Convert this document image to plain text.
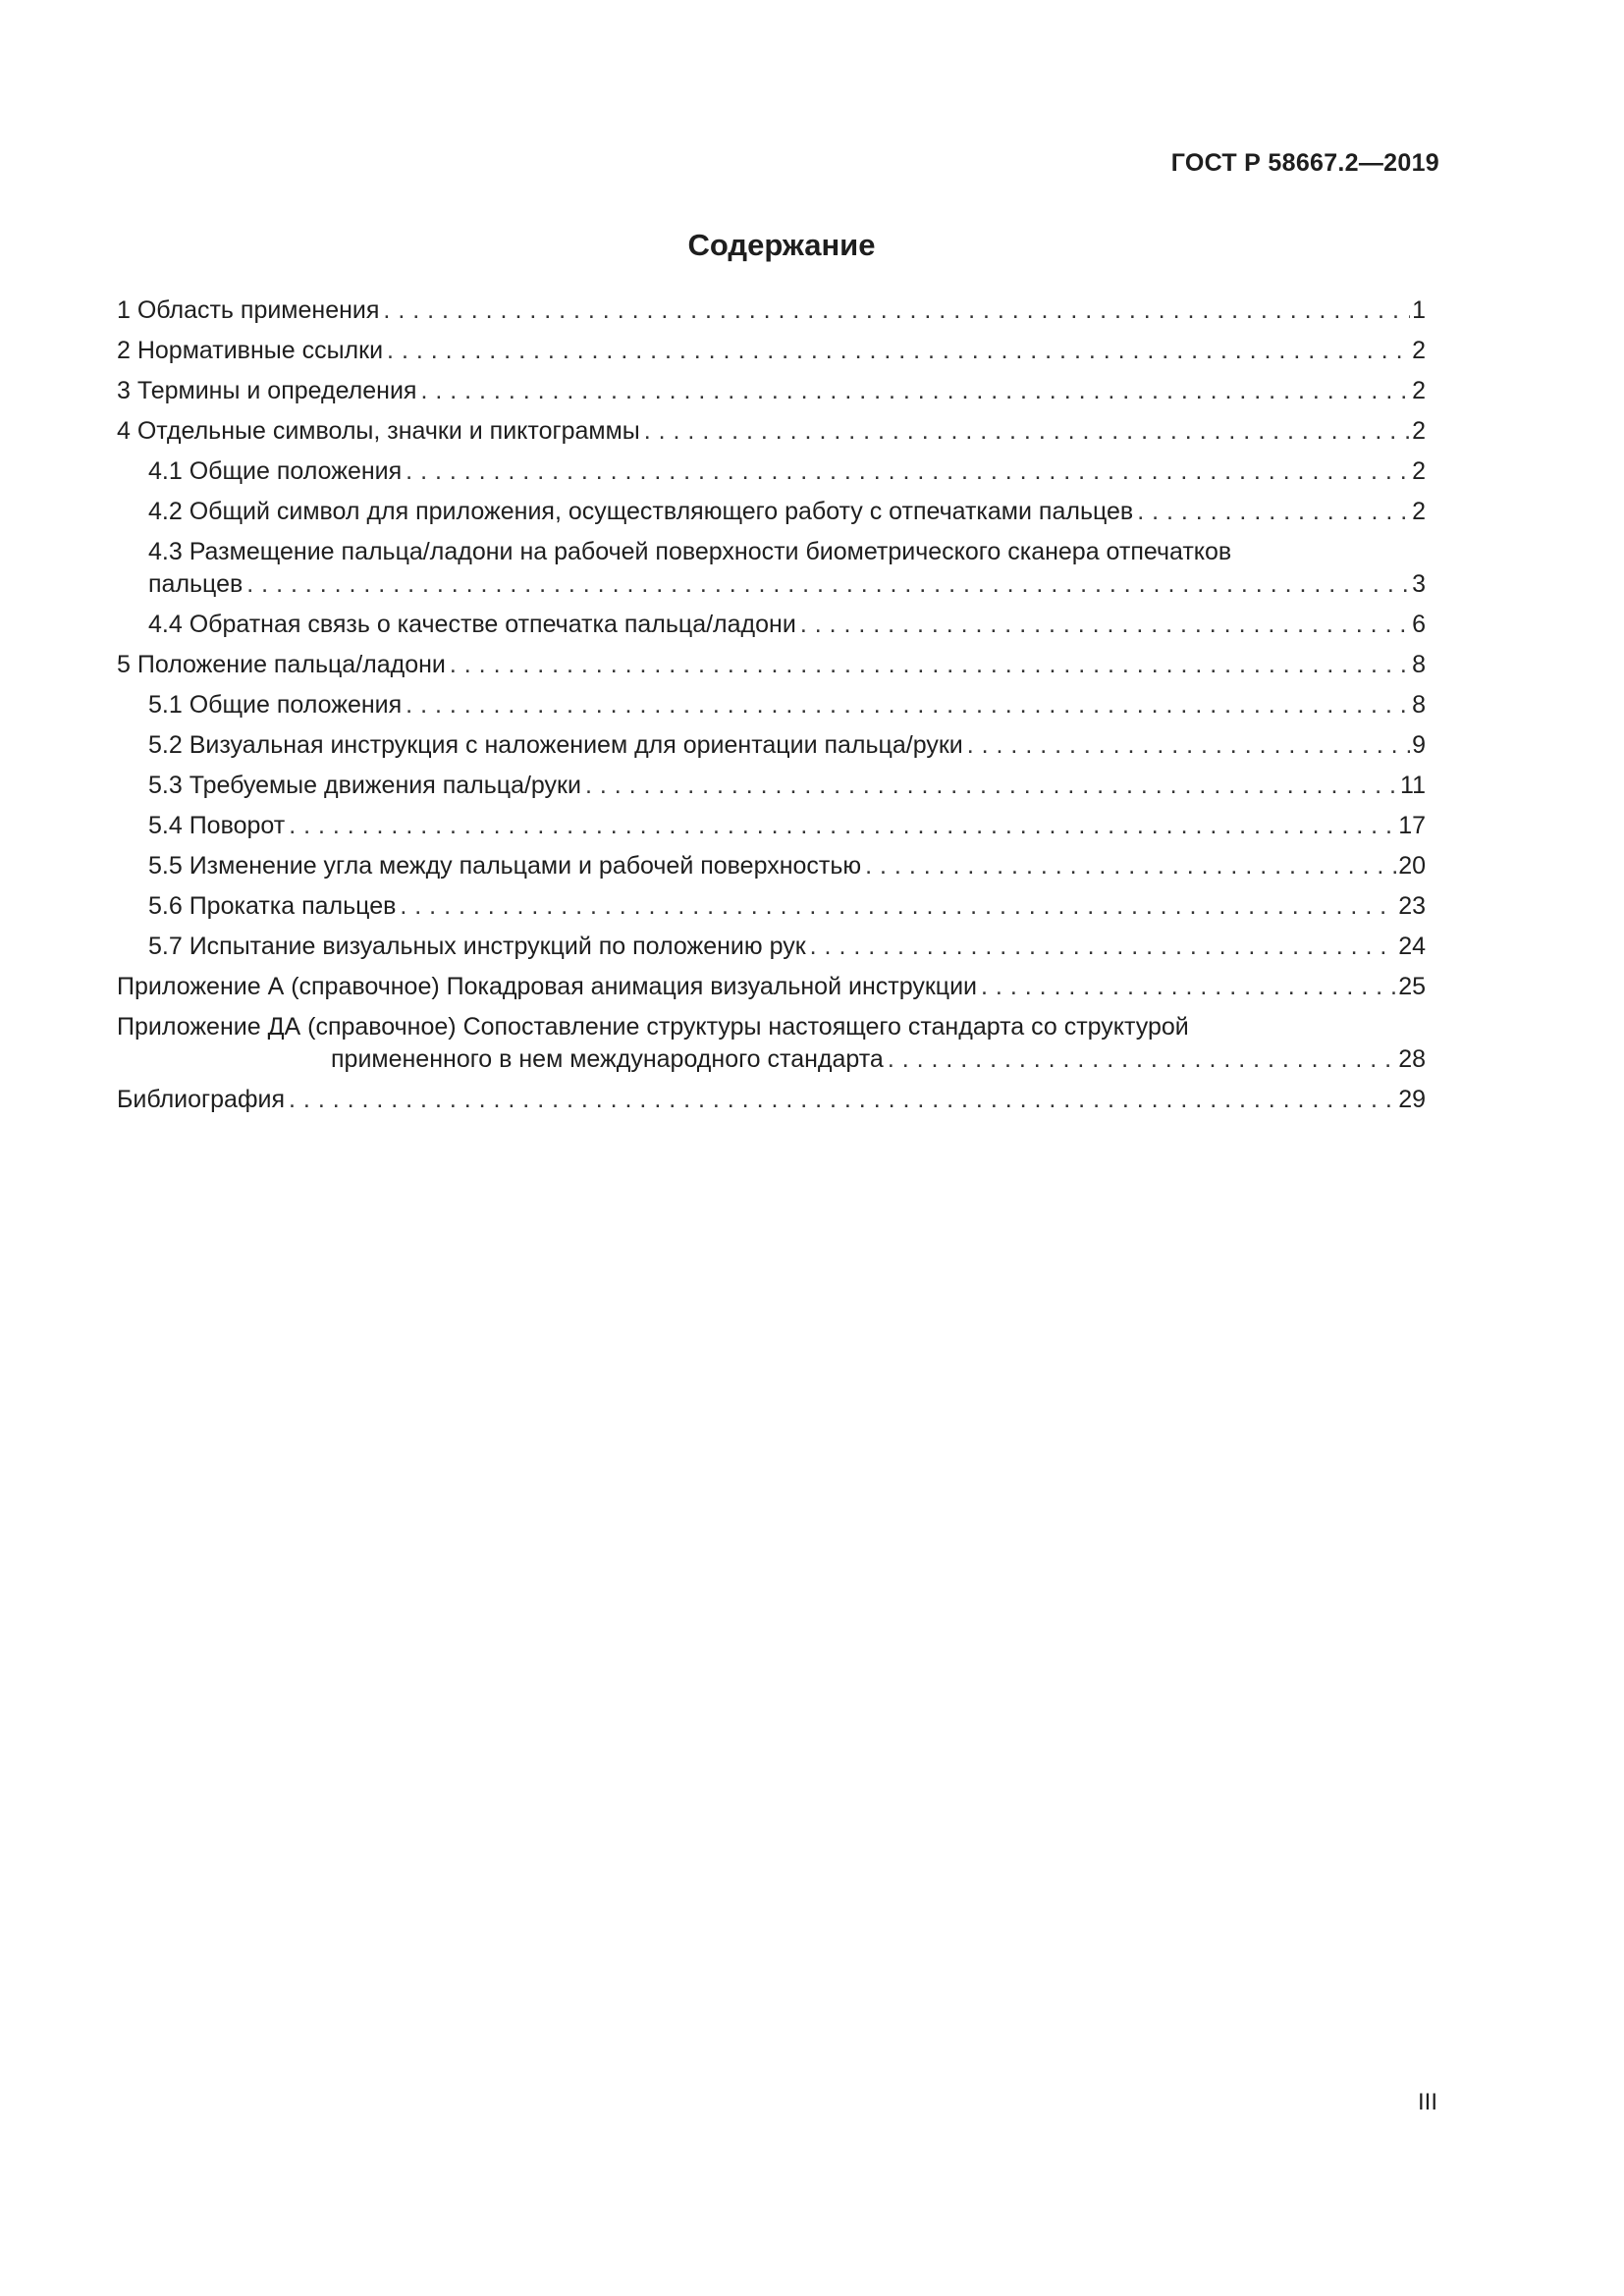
ГОСТ Р 58667.2—2019
Содержание
1 Область применения . . .	1
2 Нормативные ссылки . . .	2
3 Термины и определения . . .	2
4 Отдельные символы, значки и пиктограммы . . .	2
4.1 Общие положения . . .	2
4.2 Общий символ для приложения, осуществляющего работу с отпечатками пальцев . . .	2
4.3 Размещение пальца/ладони на рабочей поверхности биометрического сканера отпечатков
пальцев . . .	3
4.4 Обратная связь о качестве отпечатка пальца/ладони . . .	6
5 Положение пальца/ладони . . .	8
5.1 Общие положения . . .	8
5.2 Визуальная инструкция с наложением для ориентации пальца/руки . . .	9
5.3 Требуемые движения пальца/руки . . .	11
5.4 Поворот . . .	17
5.5 Изменение угла между пальцами и рабочей поверхностью . . .	20
5.6 Прокатка пальцев . . .	23
5.7 Испытание визуальных инструкций по положению рук . . .	24
Приложение А (справочное) Покадровая анимация визуальной инструкции . . .	25
Приложение ДА (справочное) Сопоставление структуры настоящего стандарта со структурой
примененного в нем международного стандарта . . .	28
Библиография . . .	29
III
